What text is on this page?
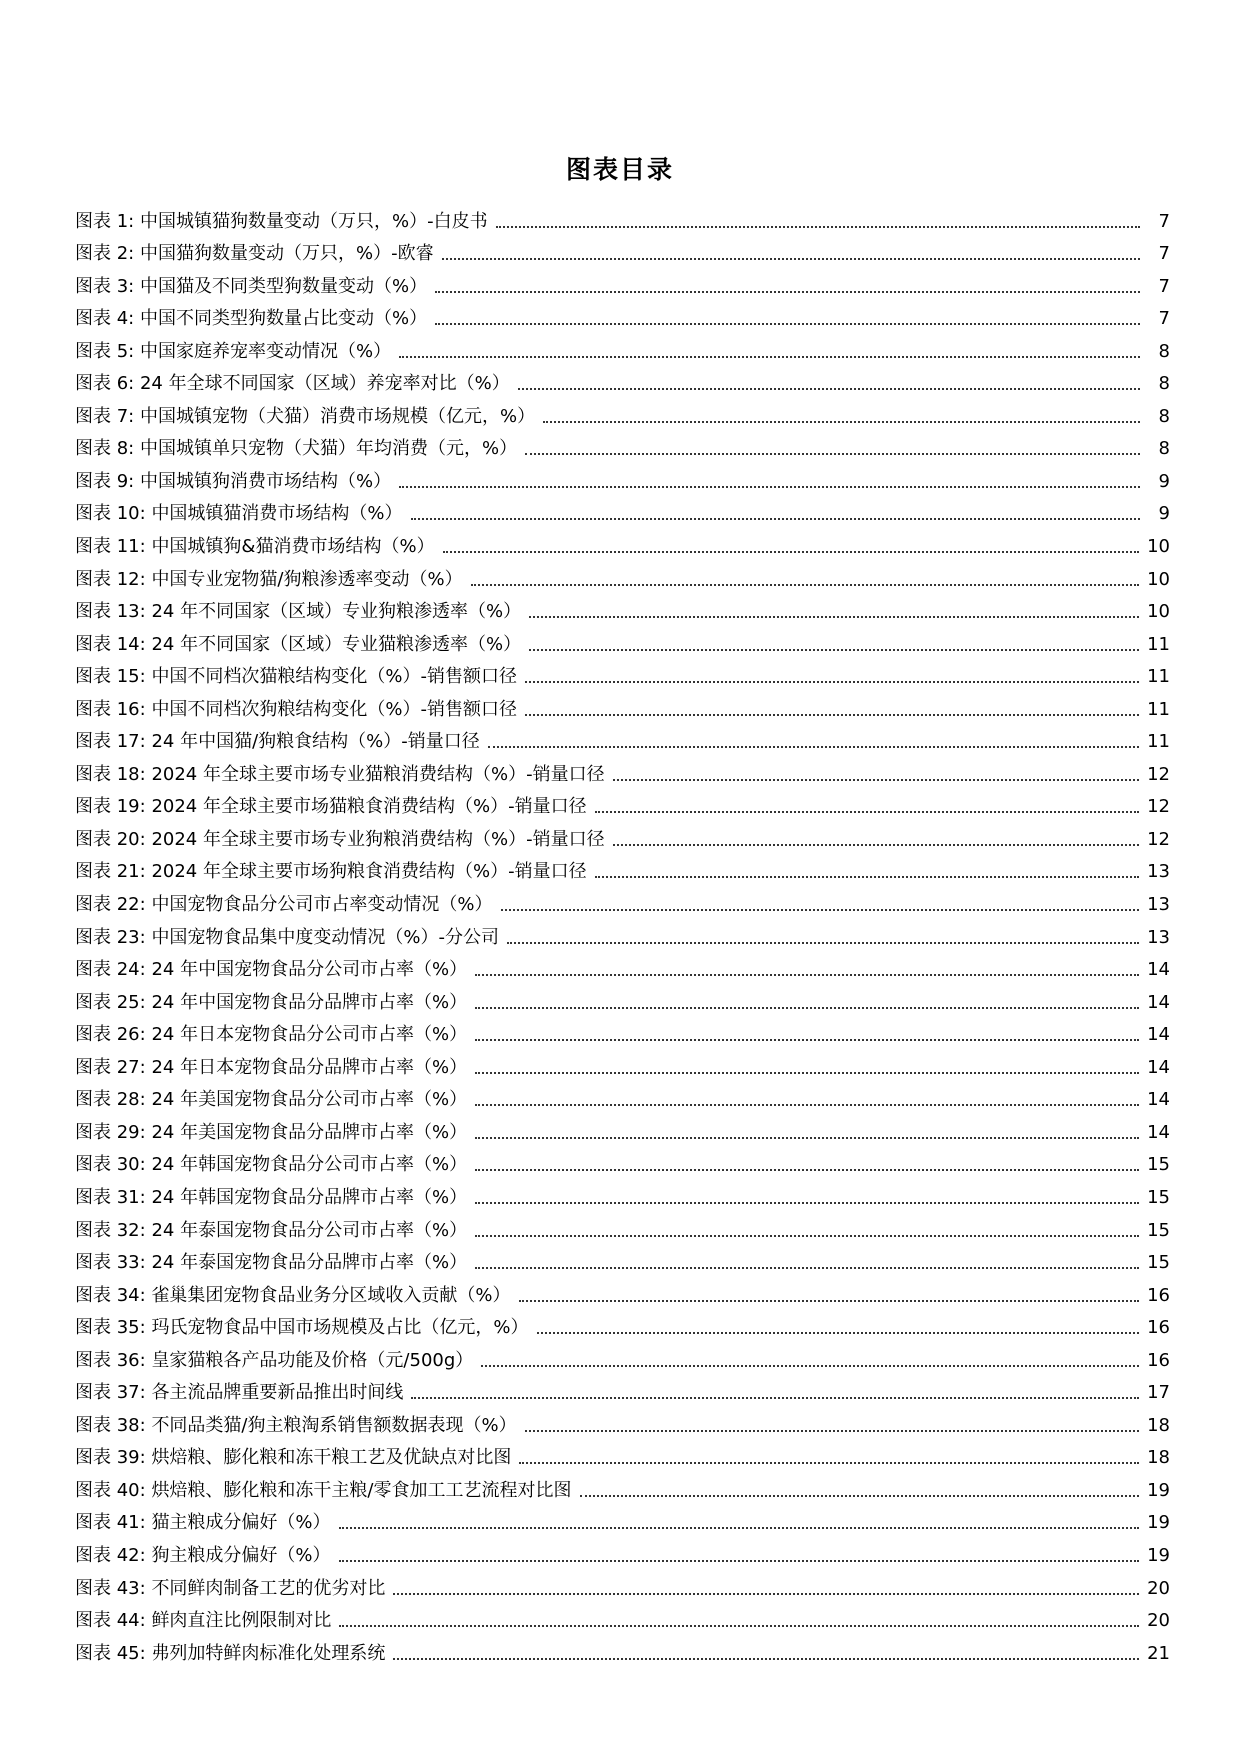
图表目录
图表 1: 中国城镇猫狗数量变动（万只，%）-白皮书	7
图表 2: 中国猫狗数量变动（万只，%）-欧睿	7
图表 3: 中国猫及不同类型狗数量变动（%）	7
图表 4: 中国不同类型狗数量占比变动（%）	7
图表 5: 中国家庭养宠率变动情况（%）	8
图表 6: 24 年全球不同国家（区域）养宠率对比（%）	8
图表 7: 中国城镇宠物（犬猫）消费市场规模（亿元，%）	8
图表 8: 中国城镇单只宠物（犬猫）年均消费（元，%）	8
图表 9: 中国城镇狗消费市场结构（%）	9
图表 10: 中国城镇猫消费市场结构（%）	9
图表 11: 中国城镇狗&猫消费市场结构（%）	10
图表 12: 中国专业宠物猫/狗粮渗透率变动（%）	10
图表 13: 24 年不同国家（区域）专业狗粮渗透率（%）	10
图表 14: 24 年不同国家（区域）专业猫粮渗透率（%）	11
图表 15: 中国不同档次猫粮结构变化（%）-销售额口径	11
图表 16: 中国不同档次狗粮结构变化（%）-销售额口径	11
图表 17: 24 年中国猫/狗粮食结构（%）-销量口径	11
图表 18: 2024 年全球主要市场专业猫粮消费结构（%）-销量口径	12
图表 19: 2024 年全球主要市场猫粮食消费结构（%）-销量口径	12
图表 20: 2024 年全球主要市场专业狗粮消费结构（%）-销量口径	12
图表 21: 2024 年全球主要市场狗粮食消费结构（%）-销量口径	13
图表 22: 中国宠物食品分公司市占率变动情况（%）	13
图表 23: 中国宠物食品集中度变动情况（%）-分公司	13
图表 24: 24 年中国宠物食品分公司市占率（%）	14
图表 25: 24 年中国宠物食品分品牌市占率（%）	14
图表 26: 24 年日本宠物食品分公司市占率（%）	14
图表 27: 24 年日本宠物食品分品牌市占率（%）	14
图表 28: 24 年美国宠物食品分公司市占率（%）	14
图表 29: 24 年美国宠物食品分品牌市占率（%）	14
图表 30: 24 年韩国宠物食品分公司市占率（%）	15
图表 31: 24 年韩国宠物食品分品牌市占率（%）	15
图表 32: 24 年泰国宠物食品分公司市占率（%）	15
图表 33: 24 年泰国宠物食品分品牌市占率（%）	15
图表 34: 雀巢集团宠物食品业务分区域收入贡献（%）	16
图表 35: 玛氏宠物食品中国市场规模及占比（亿元，%）	16
图表 36: 皇家猫粮各产品功能及价格（元/500g）	16
图表 37: 各主流品牌重要新品推出时间线	17
图表 38: 不同品类猫/狗主粮淘系销售额数据表现（%）	18
图表 39: 烘焙粮、膨化粮和冻干粮工艺及优缺点对比图	18
图表 40: 烘焙粮、膨化粮和冻干主粮/零食加工工艺流程对比图	19
图表 41: 猫主粮成分偏好（%）	19
图表 42: 狗主粮成分偏好（%）	19
图表 43: 不同鲜肉制备工艺的优劣对比	20
图表 44: 鲜肉直注比例限制对比	20
图表 45: 弗列加特鲜肉标准化处理系统	21
